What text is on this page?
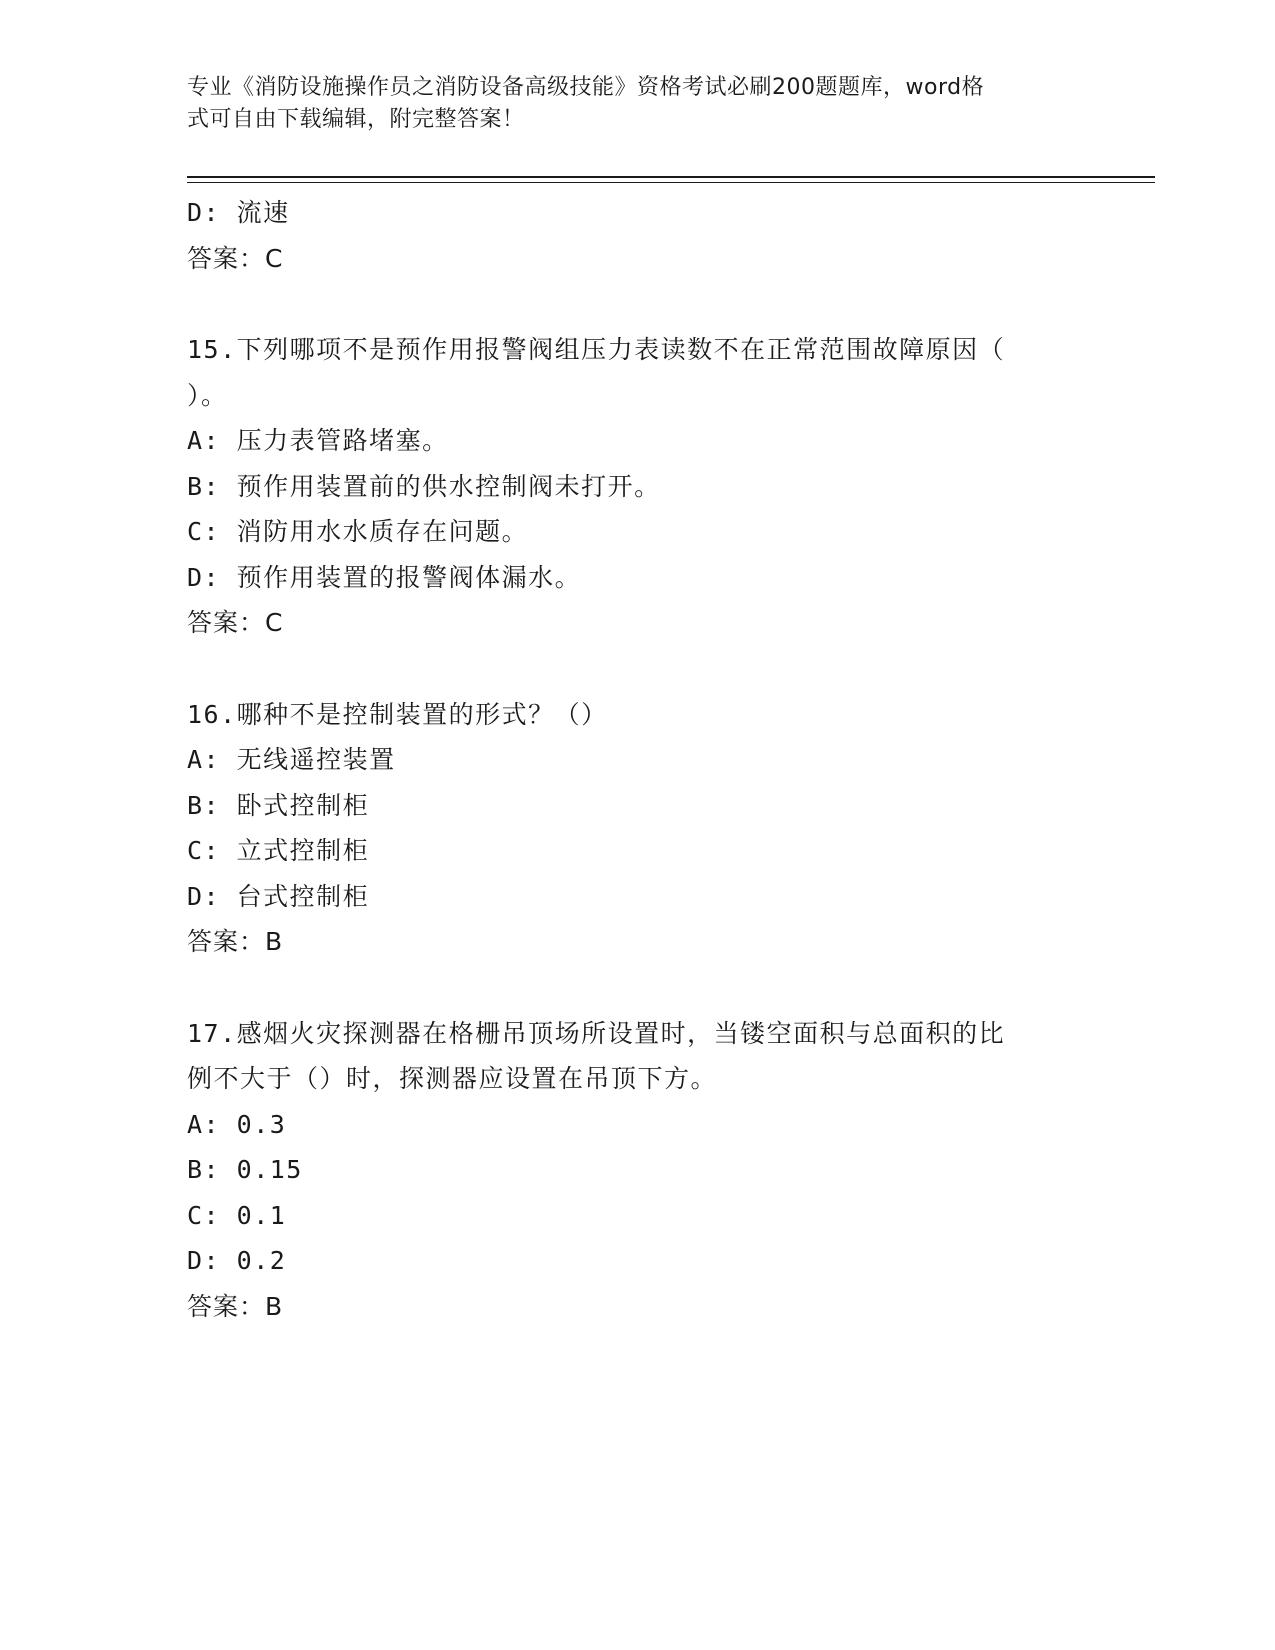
专业《消防设施操作员之消防设备高级技能》资格考试必刷200题题库，word格
式可自由下载编辑，附完整答案！
D: 流速
答案：C
15.下列哪项不是预作用报警阀组压力表读数不在正常范围故障原因（
）。
A: 压力表管路堵塞。
B: 预作用装置前的供水控制阀未打开。
C: 消防用水水质存在问题。
D: 预作用装置的报警阀体漏水。
答案：C
16.哪种不是控制装置的形式？（）
A: 无线遥控装置
B: 卧式控制柜
C: 立式控制柜
D: 台式控制柜
答案：B
17.感烟火灾探测器在格栅吊顶场所设置时，当镂空面积与总面积的比
例不大于（）时，探测器应设置在吊顶下方。
A: 0.3
B: 0.15
C: 0.1
D: 0.2
答案：B
